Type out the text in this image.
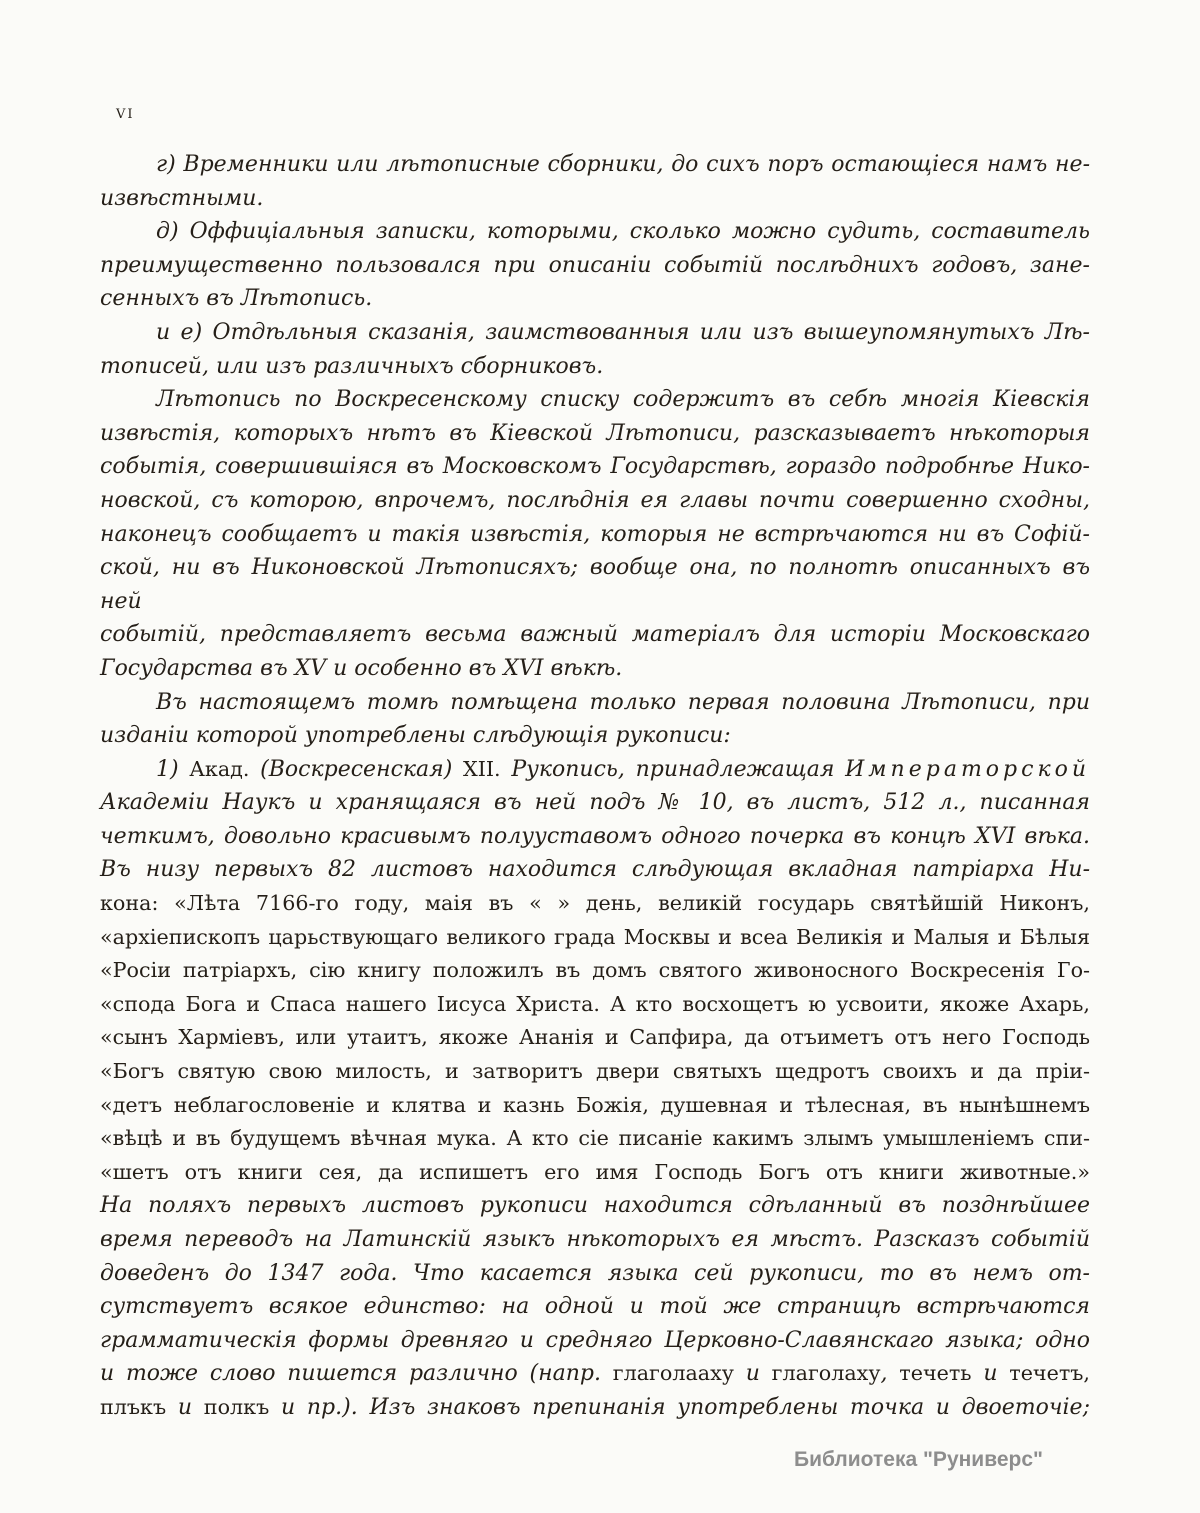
vi
г) Временники или лѣтописные сборники, до сихъ поръ остающіеся намъ не-
извѣстными.
д) Оффиціальныя записки, которыми, сколько можно судить, составитель
преимущественно пользовался при описаніи событій послѣднихъ годовъ, зане-
сенныхъ въ Лѣтопись.
и е) Отдѣльныя сказанія, заимствованныя или изъ вышеупомянутыхъ Лѣ-
тописей, или изъ различныхъ сборниковъ.
Лѣтопись по Воскресенскому списку содержитъ въ себѣ многія Кіевскія
извѣстія, которыхъ нѣтъ въ Кіевской Лѣтописи, разсказываетъ нѣкоторыя
событія, совершившіяся въ Московскомъ Государствѣ, гораздо подробнѣе Нико-
новской, съ которою, впрочемъ, послѣднія ея главы почти совершенно сходны,
наконецъ сообщаетъ и такія извѣстія, которыя не встрѣчаются ни въ Софій-
ской, ни въ Никоновской Лѣтописяхъ; вообще она, по полнотѣ описанныхъ въ ней
событій, представляетъ весьма важный матеріалъ для исторіи Московскаго
Государства въ XV и особенно въ XVI вѣкѣ.
Въ настоящемъ томѣ помѣщена только первая половина Лѣтописи, при
изданіи которой употреблены слѣдующія рукописи:
1) Акад. (Воскресенская) XII. Рукопись, принадлежащая Императорской
Академіи Наукъ и хранящаяся въ ней подъ № 10, въ листъ, 512 л., писанная
четкимъ, довольно красивымъ полууставомъ одного почерка въ концѣ XVI вѣка.
Въ низу первыхъ 82 листовъ находится слѣдующая вкладная патріарха Ни-
кона: «Лѣта 7166-го году, маія въ « » день, великій государь святѣйшій Никонъ,
«архіепископъ царьствующаго великого града Москвы и всеа Великія и Малыя и Бѣлыя
«Росіи патріархъ, сію книгу положилъ въ домъ святого живоносного Воскресенія Го-
«спода Бога и Спаса нашего Іисуса Христа. А кто восхощетъ ю усвоити, якоже Ахарь,
«сынъ Харміевъ, или утаитъ, якоже Ананія и Сапфира, да отъиметъ отъ него Господь
«Богъ святую свою милость, и затворитъ двери святыхъ щедротъ своихъ и да пріи-
«детъ неблагословеніе и клятва и казнь Божія, душевная и тѣлесная, въ нынѣшнемъ
«вѣцѣ и въ будущемъ вѣчная мука. А кто сіе писаніе какимъ злымъ умышленіемъ спи-
«шетъ отъ книги сея, да испишетъ его имя Господь Богъ отъ книги животные.»
На поляхъ первыхъ листовъ рукописи находится сдѣланный въ позднѣйшее
время переводъ на Латинскій языкъ нѣкоторыхъ ея мѣстъ. Разсказъ событій
доведенъ до 1347 года. Что касается языка сей рукописи, то въ немъ от-
сутствуетъ всякое единство: на одной и той же страницѣ встрѣчаются
грамматическія формы древняго и средняго Церковно-Славянскаго языка; одно
и тоже слово пишется различно (напр. глаголааху и глаголаху, течеть и течетъ,
плъкъ и полкъ и пр.). Изъ знаковъ препинанія употреблены точка и двоеточіе;
Библиотека "Руниверс"
